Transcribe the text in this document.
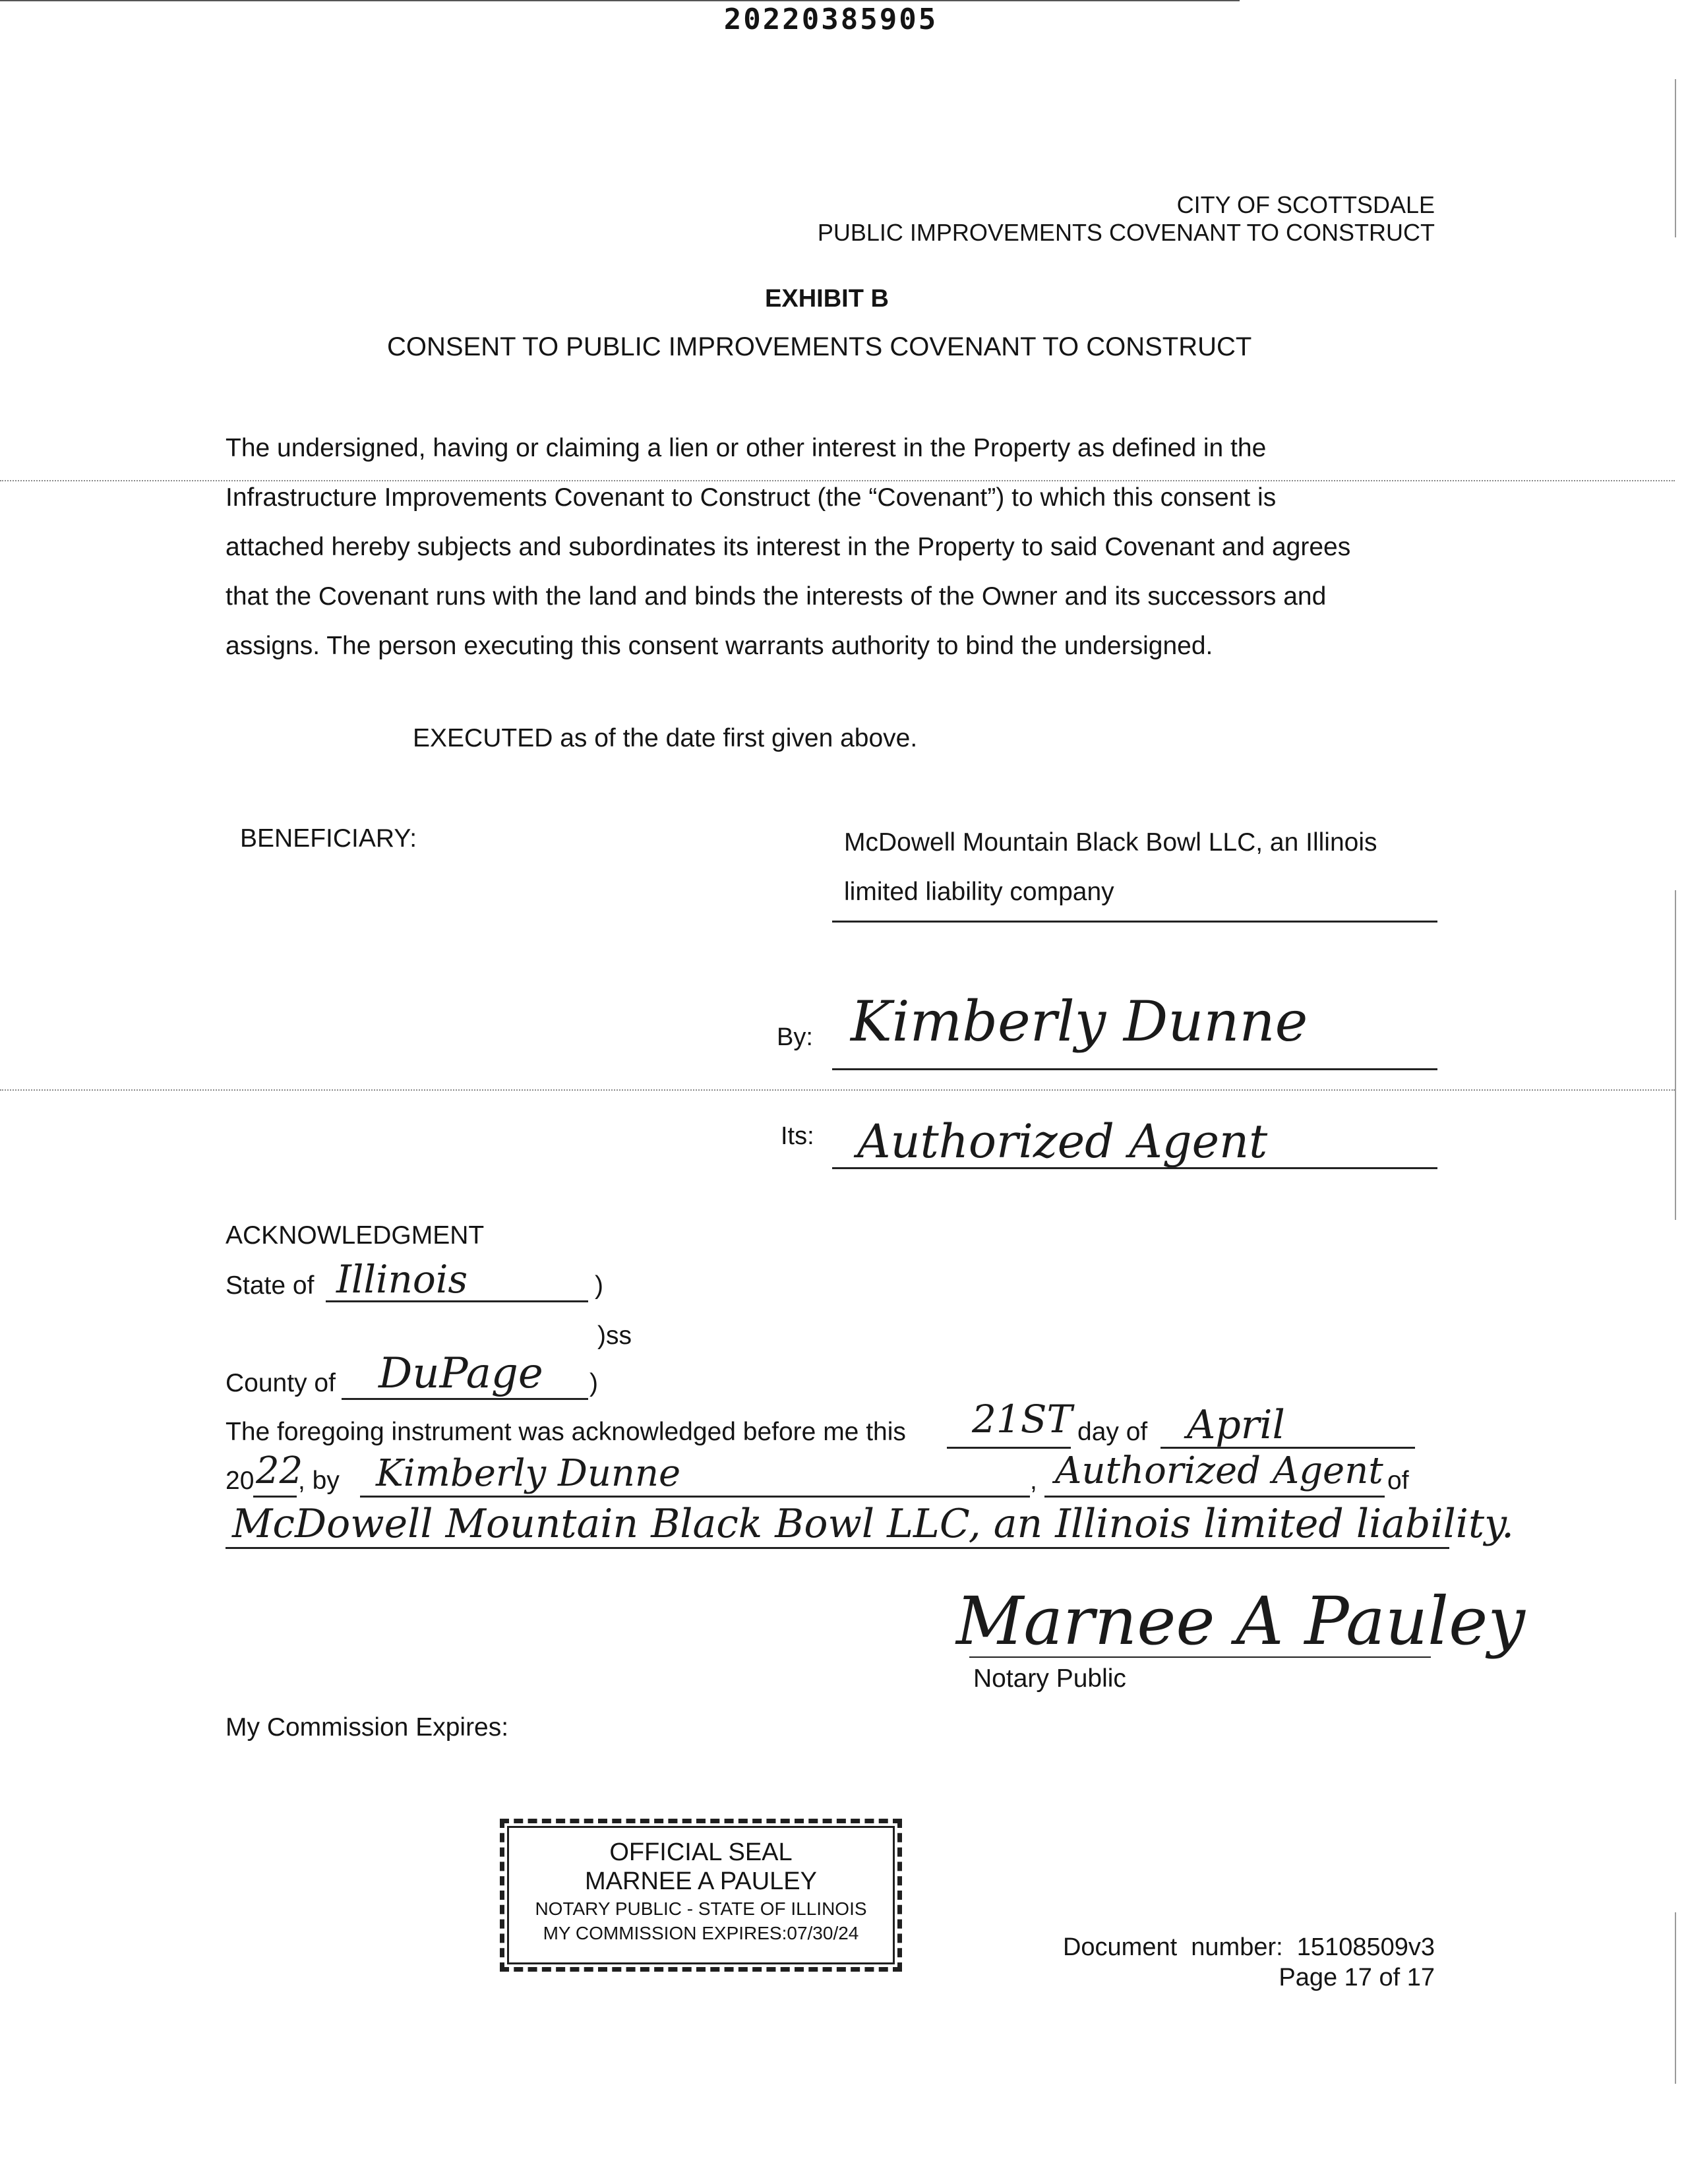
20220385905
CITY OF SCOTTSDALE
PUBLIC IMPROVEMENTS COVENANT TO CONSTRUCT
EXHIBIT B
CONSENT TO PUBLIC IMPROVEMENTS COVENANT TO CONSTRUCT
The undersigned, having or claiming a lien or other interest in the Property as defined in the
Infrastructure Improvements Covenant to Construct (the “Covenant”) to which this consent is
attached hereby subjects and subordinates its interest in the Property to said Covenant and agrees
that the Covenant runs with the land and binds the interests of the Owner and its successors and
assigns. The person executing this consent warrants authority to bind the undersigned.
EXECUTED as of the date first given above.
BENEFICIARY:	McDowell Mountain Black Bowl LLC, an Illinois
limited liability company
By: Kimberly Dunne
Its: Authorized Agent
ACKNOWLEDGMENT
State of Illinois	)
)ss
County of DuPage )
The foregoing instrument was acknowledged before me this 21ST day of April
20 22
, by Kimberly Dunne	, Authorized Agent of
McDowell Mountain Black Bowl LLC, an Illinois limited liability.
Marnee A Pauley
Notary Public
My Commission Expires:
OFFICIAL SEAL
MARNEE A PAULEY
NOTARY PUBLIC - STATE OF ILLINOIS
MY COMMISSION EXPIRES:07/30/24
Document  number:  15108509v3
Page 17 of 17
